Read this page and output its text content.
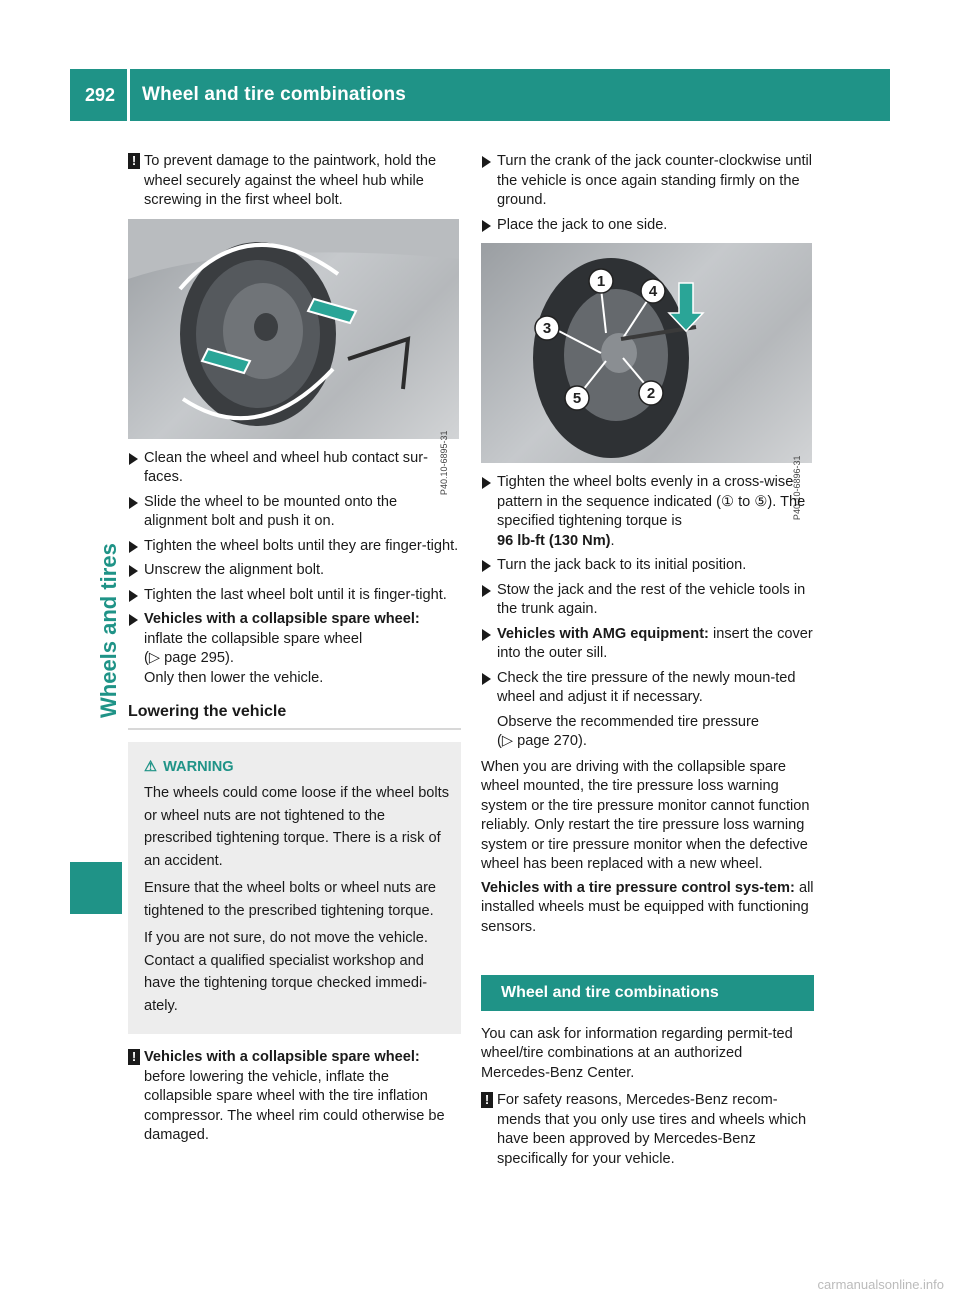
292 Wheel and tire combinations
Wheels and tires
! To prevent damage to the paintwork, hold the wheel securely against the wheel hub while screwing in the first wheel bolt.
P40.10-6895-31
Clean the wheel and wheel hub contact sur-faces.
Slide the wheel to be mounted onto the alignment bolt and push it on.
Tighten the wheel bolts until they are finger-tight.
Unscrew the alignment bolt.
Tighten the last wheel bolt until it is finger-tight.
Vehicles with a collapsible spare wheel: inflate the collapsible spare wheel
(▷ page 295).
Only then lower the vehicle.
Lowering the vehicle
⚠ WARNING

The wheels could come loose if the wheel bolts or wheel nuts are not tightened to the prescribed tightening torque. There is a risk of an accident.

Ensure that the wheel bolts or wheel nuts are tightened to the prescribed tightening torque.

If you are not sure, do not move the vehicle. Contact a qualified specialist workshop and have the tightening torque checked immedi-ately.

! Vehicles with a collapsible spare wheel: before lowering the vehicle, inflate the collapsible spare wheel with the tire inflation compressor. The wheel rim could otherwise be damaged.
Turn the crank of the jack counter-clockwise until the vehicle is once again standing firmly on the ground.
Place the jack to one side.
1
4
3
5	2
P40.10-6896-31
Tighten the wheel bolts evenly in a cross-wise pattern in the sequence indicated (① to ⑤). The specified tightening torque is
96 lb-ft (130 Nm).
Turn the jack back to its initial position.
Stow the jack and the rest of the vehicle tools in the trunk again.
Vehicles with AMG equipment: insert the cover into the outer sill.
Check the tire pressure of the newly moun-ted wheel and adjust it if necessary.
Observe the recommended tire pressure
(▷ page 270).

When you are driving with the collapsible spare wheel mounted, the tire pressure loss warning system or the tire pressure monitor cannot function reliably. Only restart the tire pressure loss warning system or tire pressure monitor when the defective wheel has been replaced with a new wheel.

Vehicles with a tire pressure control sys-tem: all installed wheels must be equipped with functioning sensors.

Wheel and tire combinations

You can ask for information regarding permit-ted wheel/tire combinations at an authorized Mercedes-Benz Center.

! For safety reasons, Mercedes-Benz recom-mends that you only use tires and wheels which have been approved by Mercedes-Benz specifically for your vehicle.
carmanualsonline.info
